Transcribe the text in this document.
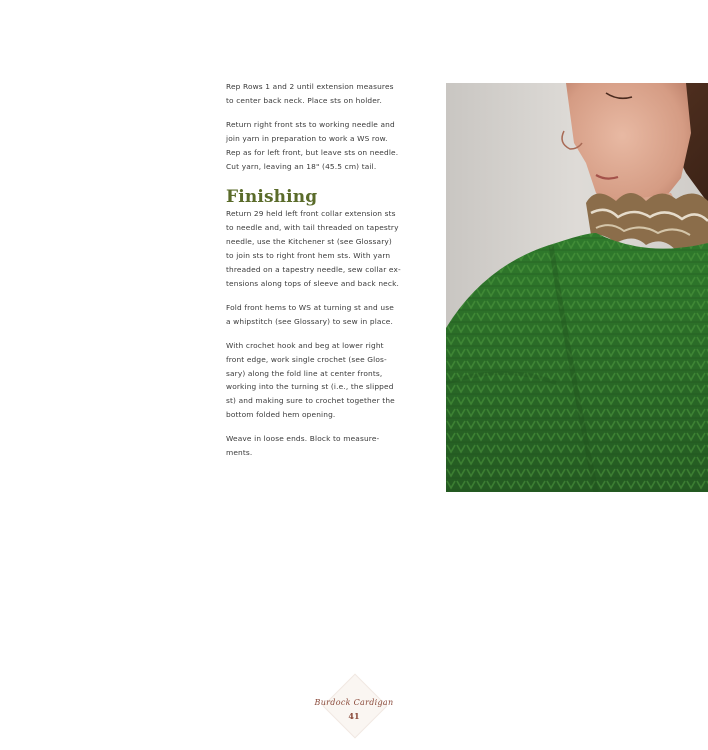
Rep Rows 1 and 2 until extension measures
to center back neck. Place sts on holder.

Return right front sts to working needle and
join yarn in preparation to work a WS row.
Rep as for left front, but leave sts on needle.
Cut yarn, leaving an 18" (45.5 cm) tail.

Finishing

Return 29 held left front collar extension sts
to needle and, with tail threaded on tapestry
needle, use the Kitchener st (see Glossary)
to join sts to right front hem sts. With yarn
threaded on a tapestry needle, sew collar ex-
tensions along tops of sleeve and back neck.

Fold front hems to WS at turning st and use
a whipstitch (see Glossary) to sew in place.

With crochet hook and beg at lower right
front edge, work single crochet (see Glos-
sary) along the fold line at center fronts,
working into the turning st (i.e., the slipped
st) and making sure to crochet together the
bottom folded hem opening.

Weave in loose ends. Block to measure-
ments.

Burdock Cardigan
41
